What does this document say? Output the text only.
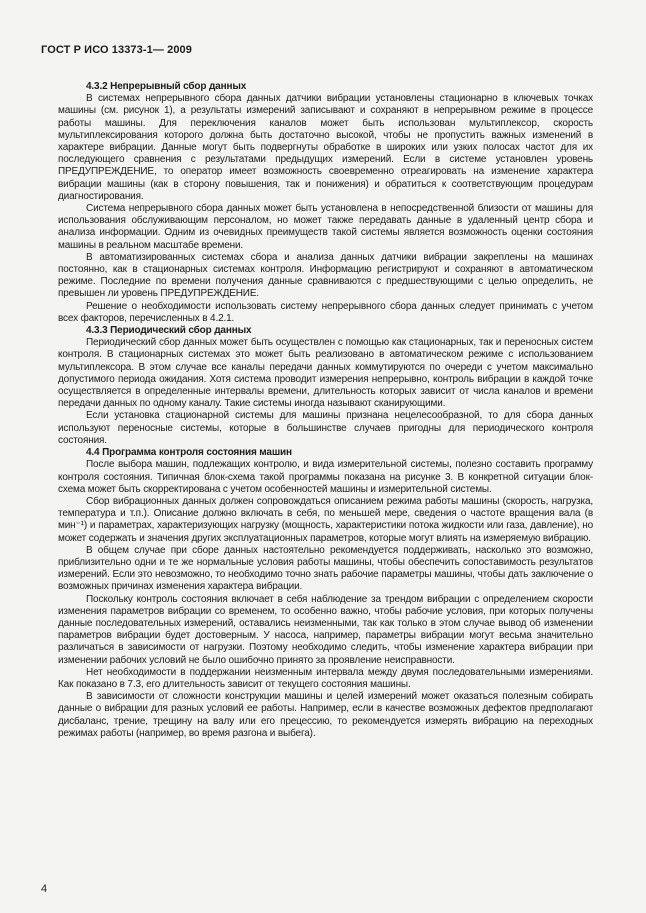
ГОСТ Р ИСО 13373-1— 2009
4.3.2 Непрерывный сбор данных

В системах непрерывного сбора данных датчики вибрации установлены стационарно в ключевых точках машины (см. рисунок 1), а результаты измерений записывают и сохраняют в непрерывном режиме в процессе работы машины. Для переключения каналов может быть использован мультиплексор, скорость мультиплексирования которого должна быть достаточно высокой, чтобы не пропустить важных изменений в характере вибрации. Данные могут быть подвергнуты обработке в широких или узких полосах частот для их последующего сравнения с результатами предыдущих измерений. Если в системе установлен уровень ПРЕДУПРЕЖДЕНИЕ, то оператор имеет возможность своевременно отреагировать на изменение характера вибрации машины (как в сторону повышения, так и понижения) и обратиться к соответствующим процедурам диагностирования.

Система непрерывного сбора данных может быть установлена в непосредственной близости от машины для использования обслуживающим персоналом, но может также передавать данные в удаленный центр сбора и анализа информации. Одним из очевидных преимуществ такой системы является возможность оценки состояния машины в реальном масштабе времени.

В автоматизированных системах сбора и анализа данных датчики вибрации закреплены на машинах постоянно, как в стационарных системах контроля. Информацию регистрируют и сохраняют в автоматическом режиме. Последние по времени получения данные сравниваются с предшествующими с целью определить, не превышен ли уровень ПРЕДУПРЕЖДЕНИЕ.

Решение о необходимости использовать систему непрерывного сбора данных следует принимать с учетом всех факторов, перечисленных в 4.2.1.

4.3.3 Периодический сбор данных

Периодический сбор данных может быть осуществлен с помощью как стационарных, так и переносных систем контроля. В стационарных системах это может быть реализовано в автоматическом режиме с использованием мультиплексора. В этом случае все каналы передачи данных коммутируются по очереди с учетом максимально допустимого периода ожидания. Хотя система проводит измерения непрерывно, контроль вибрации в каждой точке осуществляется в определенные интервалы времени, длительность которых зависит от числа каналов и времени передачи данных по одному каналу. Такие системы иногда называют сканирующими.

Если установка стационарной системы для машины признана нецелесообразной, то для сбора данных используют переносные системы, которые в большинстве случаев пригодны для периодического контроля состояния.

4.4 Программа контроля состояния машин

После выбора машин, подлежащих контролю, и вида измерительной системы, полезно составить программу контроля состояния. Типичная блок-схема такой программы показана на рисунке 3. В конкретной ситуации блок-схема может быть скорректирована с учетом особенностей машины и измерительной системы.

Сбор вибрационных данных должен сопровождаться описанием режима работы машины (скорость, нагрузка, температура и т.п.). Описание должно включать в себя, по меньшей мере, сведения о частоте вращения вала (в мин⁻¹) и параметрах, характеризующих нагрузку (мощность, характеристики потока жидкости или газа, давление), но может содержать и значения других эксплуатационных параметров, которые могут влиять на измеряемую вибрацию.

В общем случае при сборе данных настоятельно рекомендуется поддерживать, насколько это возможно, приблизительно одни и те же нормальные условия работы машины, чтобы обеспечить сопоставимость результатов измерений. Если это невозможно, то необходимо точно знать рабочие параметры машины, чтобы дать заключение о возможных причинах изменения характера вибрации.

Поскольку контроль состояния включает в себя наблюдение за трендом вибрации с определением скорости изменения параметров вибрации со временем, то особенно важно, чтобы рабочие условия, при которых получены данные последовательных измерений, оставались неизменными, так как только в этом случае вывод об изменении параметров вибрации будет достоверным. У насоса, например, параметры вибрации могут весьма значительно различаться в зависимости от нагрузки. Поэтому необходимо следить, чтобы изменение характера вибрации при изменении рабочих условий не было ошибочно принято за проявление неисправности.

Нет необходимости в поддержании неизменным интервала между двумя последовательными измерениями. Как показано в 7.3, его длительность зависит от текущего состояния машины.

В зависимости от сложности конструкции машины и целей измерений может оказаться полезным собирать данные о вибрации для разных условий ее работы. Например, если в качестве возможных дефектов предполагают дисбаланс, трение, трещину на валу или его прецессию, то рекомендуется измерять вибрацию на переходных режимах работы (например, во время разгона и выбега).

4
